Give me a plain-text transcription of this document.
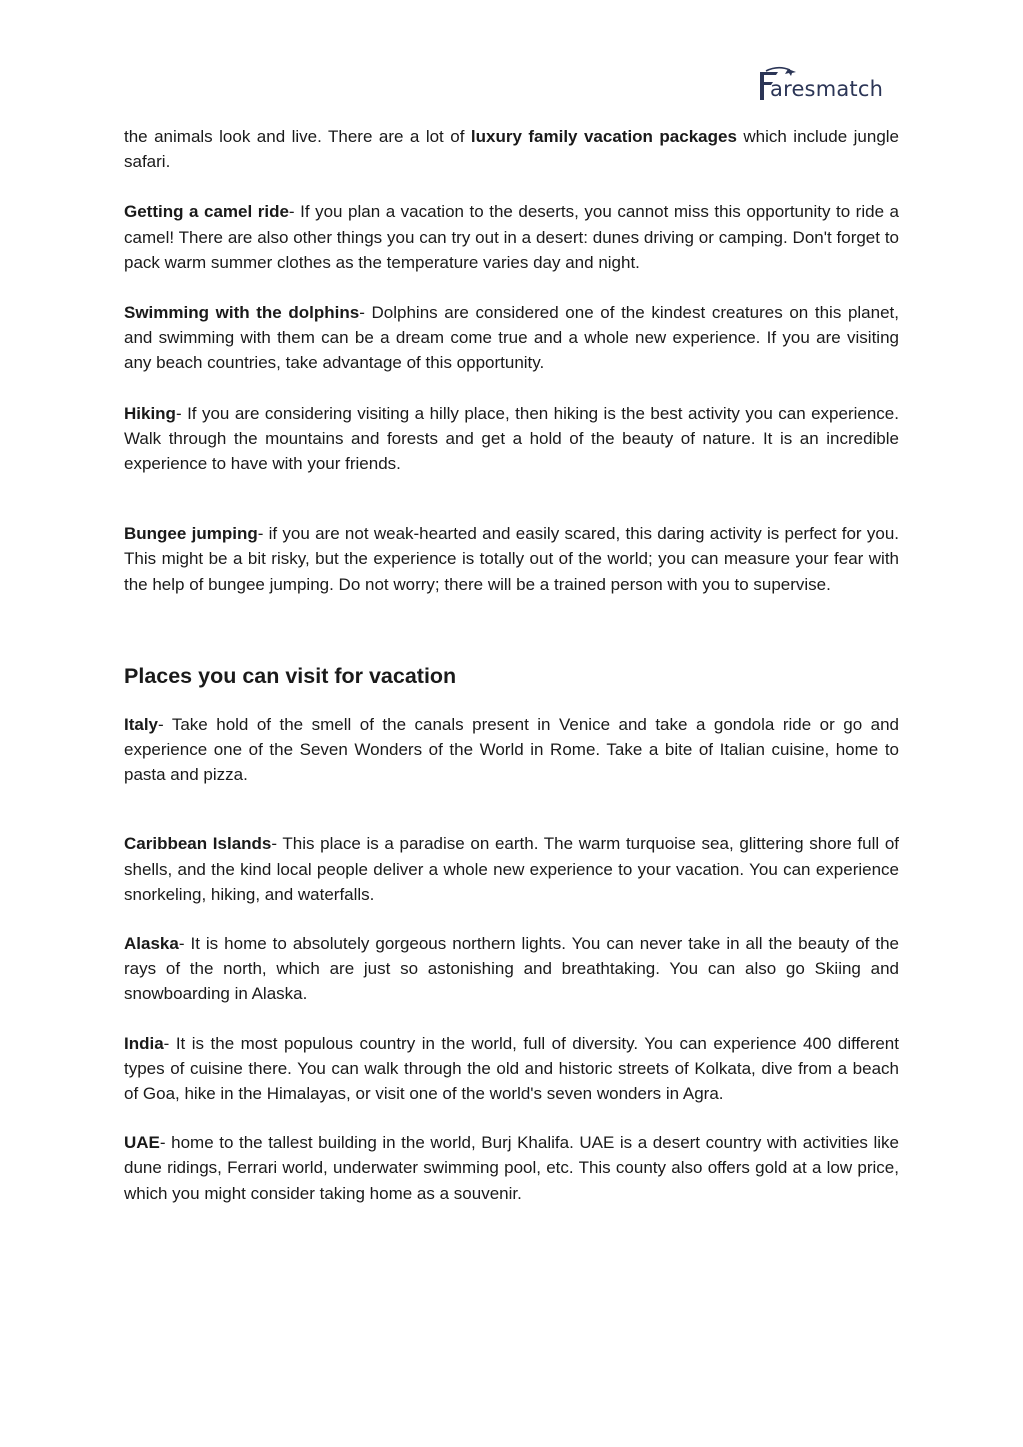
aresmatch

the animals look and live. There are a lot of luxury family vacation packages which include jungle safari.

Getting a camel ride- If you plan a vacation to the deserts, you cannot miss this opportunity to ride a camel! There are also other things you can try out in a desert: dunes driving or camping. Don't forget to pack warm summer clothes as the temperature varies day and night.

Swimming with the dolphins- Dolphins are considered one of the kindest creatures on this planet, and swimming with them can be a dream come true and a whole new experience. If you are visiting any beach countries, take advantage of this opportunity.

Hiking- If you are considering visiting a hilly place, then hiking is the best activity you can experience. Walk through the mountains and forests and get a hold of the beauty of nature. It is an incredible experience to have with your friends.

Bungee jumping- if you are not weak-hearted and easily scared, this daring activity is perfect for you. This might be a bit risky, but the experience is totally out of the world; you can measure your fear with the help of bungee jumping. Do not worry; there will be a trained person with you to supervise.

Places you can visit for vacation

Italy- Take hold of the smell of the canals present in Venice and take a gondola ride or go and experience one of the Seven Wonders of the World in Rome. Take a bite of Italian cuisine, home to pasta and pizza.

Caribbean Islands- This place is a paradise on earth. The warm turquoise sea, glittering shore full of shells, and the kind local people deliver a whole new experience to your vacation. You can experience snorkeling, hiking, and waterfalls.

Alaska- It is home to absolutely gorgeous northern lights. You can never take in all the beauty of the rays of the north, which are just so astonishing and breathtaking. You can also go Skiing and snowboarding in Alaska.

India- It is the most populous country in the world, full of diversity. You can experience 400 different types of cuisine there. You can walk through the old and historic streets of Kolkata, dive from a beach of Goa, hike in the Himalayas, or visit one of the world's seven wonders in Agra.

UAE- home to the tallest building in the world, Burj Khalifa. UAE is a desert country with activities like dune ridings, Ferrari world, underwater swimming pool, etc. This county also offers gold at a low price, which you might consider taking home as a souvenir.
